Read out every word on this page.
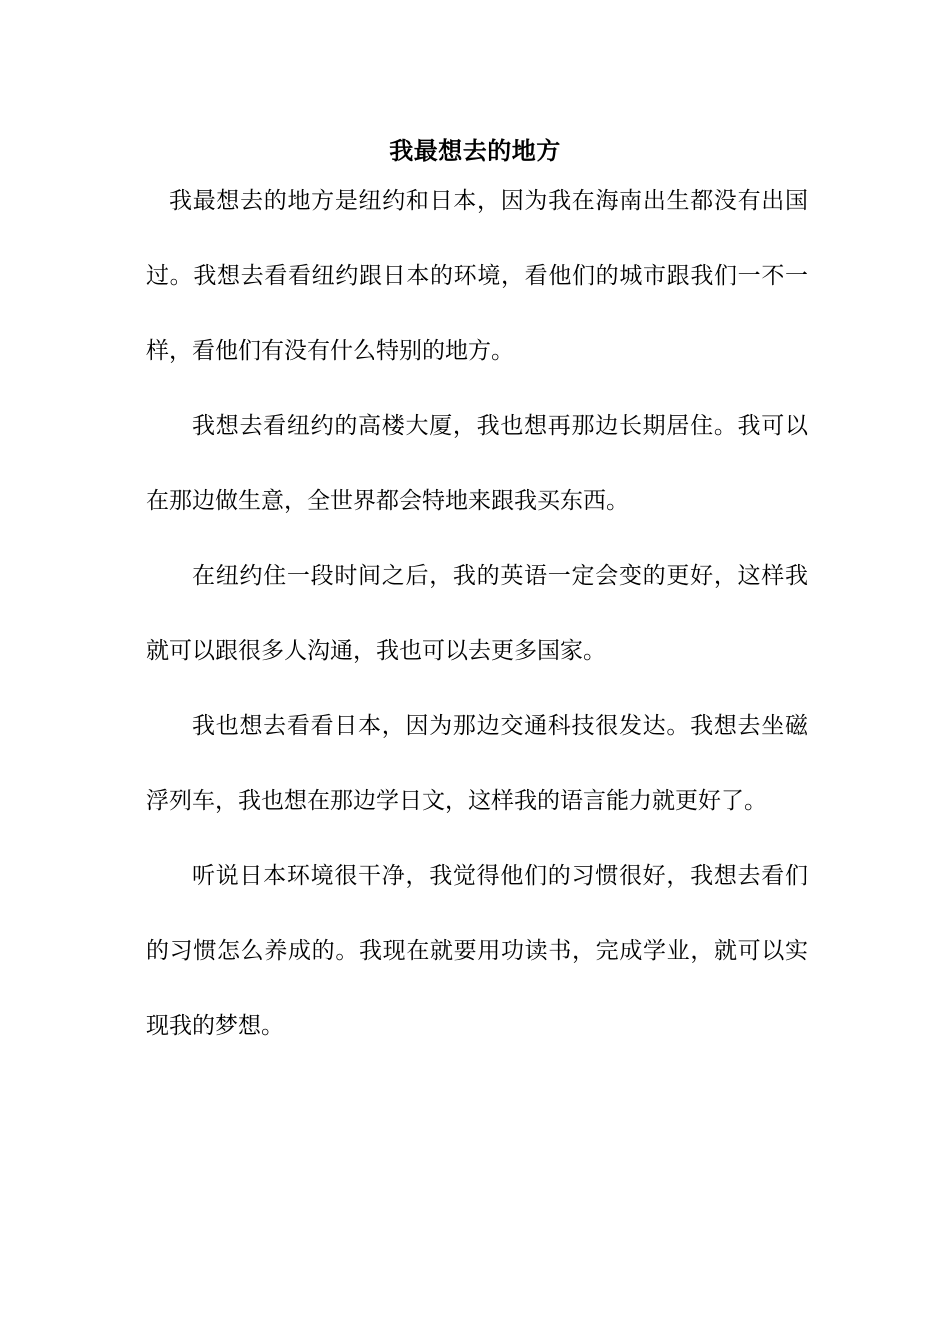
我最想去的地方

我最想去的地方是纽约和日本，因为我在海南出生都没有出国过。我想去看看纽约跟日本的环境，看他们的城市跟我们一不一样，看他们有没有什么特别的地方。

我想去看纽约的高楼大厦，我也想再那边长期居住。我可以在那边做生意，全世界都会特地来跟我买东西。

在纽约住一段时间之后，我的英语一定会变的更好，这样我就可以跟很多人沟通，我也可以去更多国家。

我也想去看看日本，因为那边交通科技很发达。我想去坐磁浮列车，我也想在那边学日文，这样我的语言能力就更好了。

听说日本环境很干净，我觉得他们的习惯很好，我想去看们的习惯怎么养成的。我现在就要用功读书，完成学业，就可以实现我的梦想。
